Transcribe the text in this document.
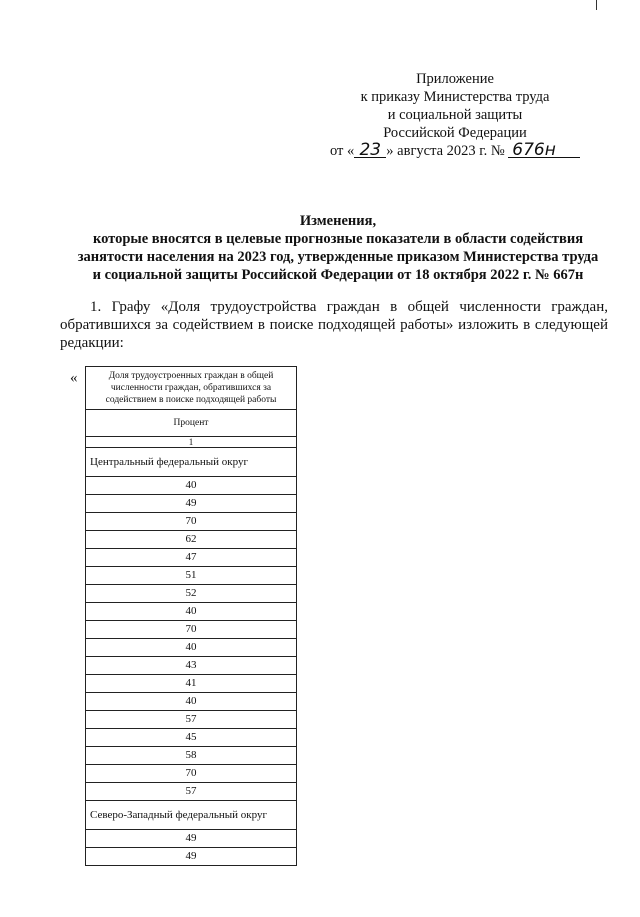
Приложение
к приказу Министерства труда
и социальной защиты
Российской Федерации
от « 23 » августа 2023 г. № 676н
Изменения,
которые вносятся в целевые прогнозные показатели в области содействия
занятости населения на 2023 год, утвержденные приказом Министерства труда
и социальной защиты Российской Федерации от 18 октября 2022 г. № 667н
1. Графу «Доля трудоустройства граждан в общей численности граждан,
обратившихся за содействием в поиске подходящей работы» изложить в следующей
редакции:
«	Доля трудоустроенных граждан в общей численности граждан, обратившихся за содействием в поиске подходящей работы
Процент
1
Центральный федеральный округ
40
49
70
62
47
51
52
40
70
40
43
41
40
57
45
58
70
57
Северо-Западный федеральный округ
49
49
